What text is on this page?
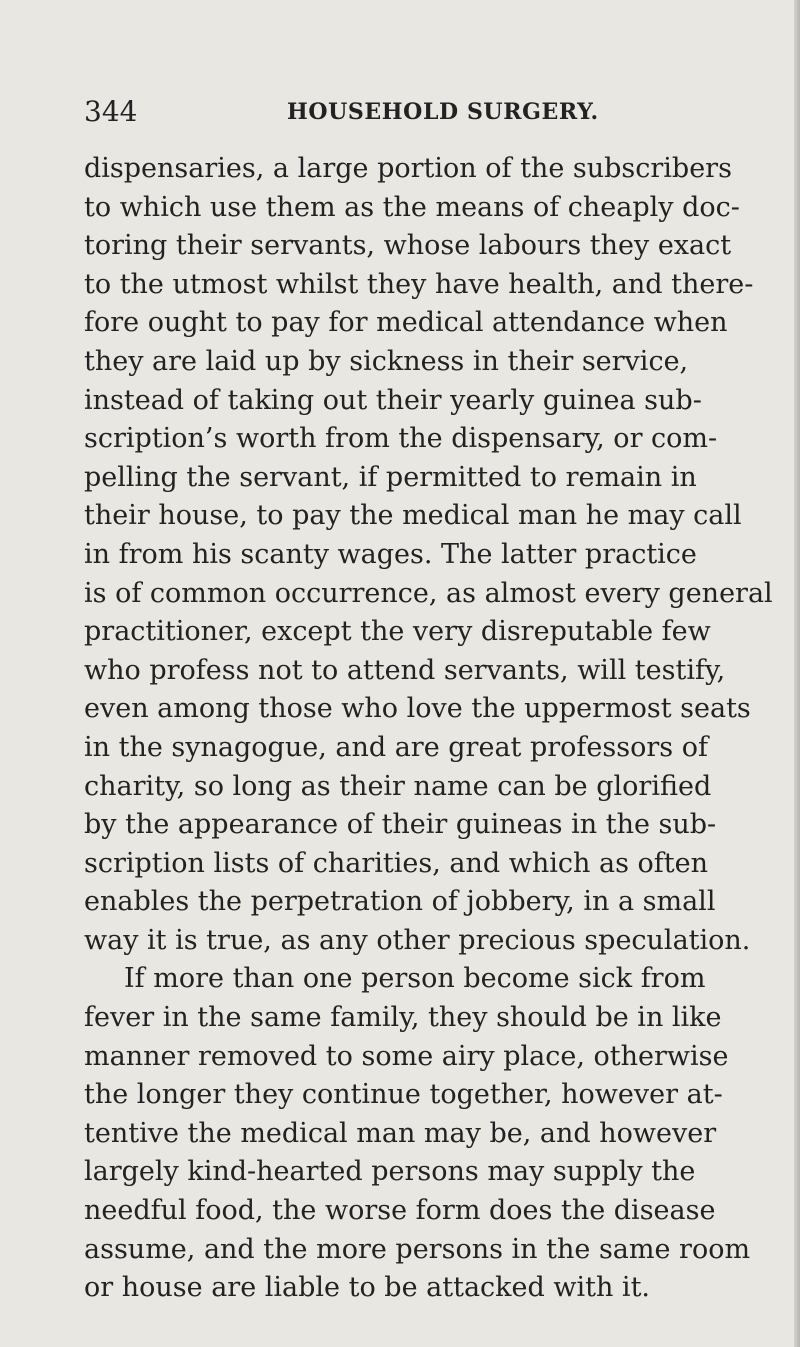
344	HOUSEHOLD SURGERY.
dispensaries, a large portion of the subscribers
to which use them as the means of cheaply doc-
toring their servants, whose labours they exact
to the utmost whilst they have health, and there-
fore ought to pay for medical attendance when
they are laid up by sickness in their service,
instead of taking out their yearly guinea sub-
scription’s worth from the dispensary, or com-
pelling the servant, if permitted to remain in
their house, to pay the medical man he may call
in from his scanty wages. The latter practice
is of common occurrence, as almost every general
practitioner, except the very disreputable few
who profess not to attend servants, will testify,
even among those who love the uppermost seats
in the synagogue, and are great professors of
charity, so long as their name can be glorified
by the appearance of their guineas in the sub-
scription lists of charities, and which as often
enables the perpetration of jobbery, in a small
way it is true, as any other precious speculation.
If more than one person become sick from
fever in the same family, they should be in like
manner removed to some airy place, otherwise
the longer they continue together, however at-
tentive the medical man may be, and however
largely kind-hearted persons may supply the
needful food, the worse form does the disease
assume, and the more persons in the same room
or house are liable to be attacked with it.
